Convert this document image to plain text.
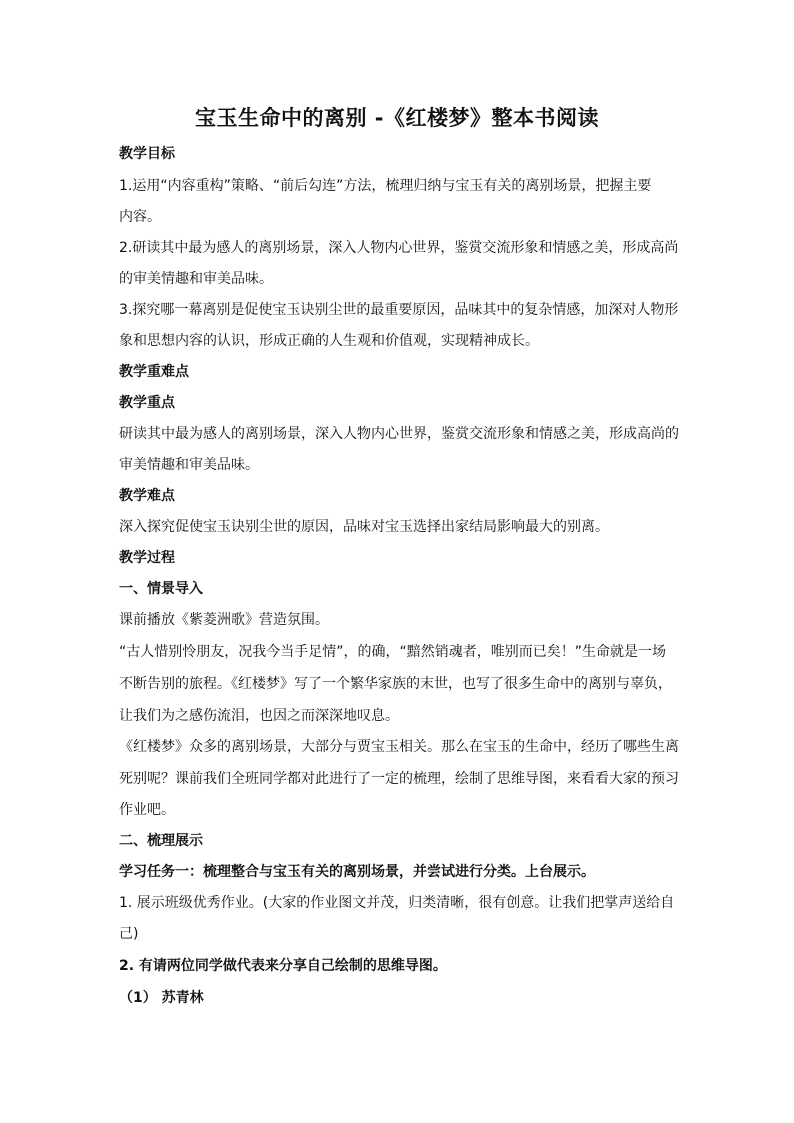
宝玉生命中的离别 -《红楼梦》整本书阅读
教学目标
1.运用“内容重构”策略、“前后勾连”方法，梳理归纳与宝玉有关的离别场景，把握主要
内容。
2.研读其中最为感人的离别场景，深入人物内心世界，鉴赏交流形象和情感之美，形成高尚
的审美情趣和审美品味。
3.探究哪一幕离别是促使宝玉诀别尘世的最重要原因，品味其中的复杂情感，加深对人物形
象和思想内容的认识，形成正确的人生观和价值观，实现精神成长。
教学重难点
教学重点
研读其中最为感人的离别场景，深入人物内心世界，鉴赏交流形象和情感之美，形成高尚的
审美情趣和审美品味。
教学难点
深入探究促使宝玉诀别尘世的原因，品味对宝玉选择出家结局影响最大的别离。
教学过程
一、情景导入
课前播放《紫菱洲歌》营造氛围。
“古人惜别怜朋友，况我今当手足情”，的确，“黯然销魂者，唯别而已矣！”生命就是一场
不断告别的旅程。《红楼梦》写了一个繁华家族的末世，也写了很多生命中的离别与辜负，
让我们为之感伤流泪，也因之而深深地叹息。
《红楼梦》众多的离别场景，大部分与贾宝玉相关。那么在宝玉的生命中，经历了哪些生离
死别呢？课前我们全班同学都对此进行了一定的梳理，绘制了思维导图，来看看大家的预习
作业吧。
二、梳理展示
学习任务一：梳理整合与宝玉有关的离别场景，并尝试进行分类。上台展示。
1. 展示班级优秀作业。(大家的作业图文并茂，归类清晰，很有创意。让我们把掌声送给自
己)
2. 有请两位同学做代表来分享自己绘制的思维导图。
（1） 苏青林
